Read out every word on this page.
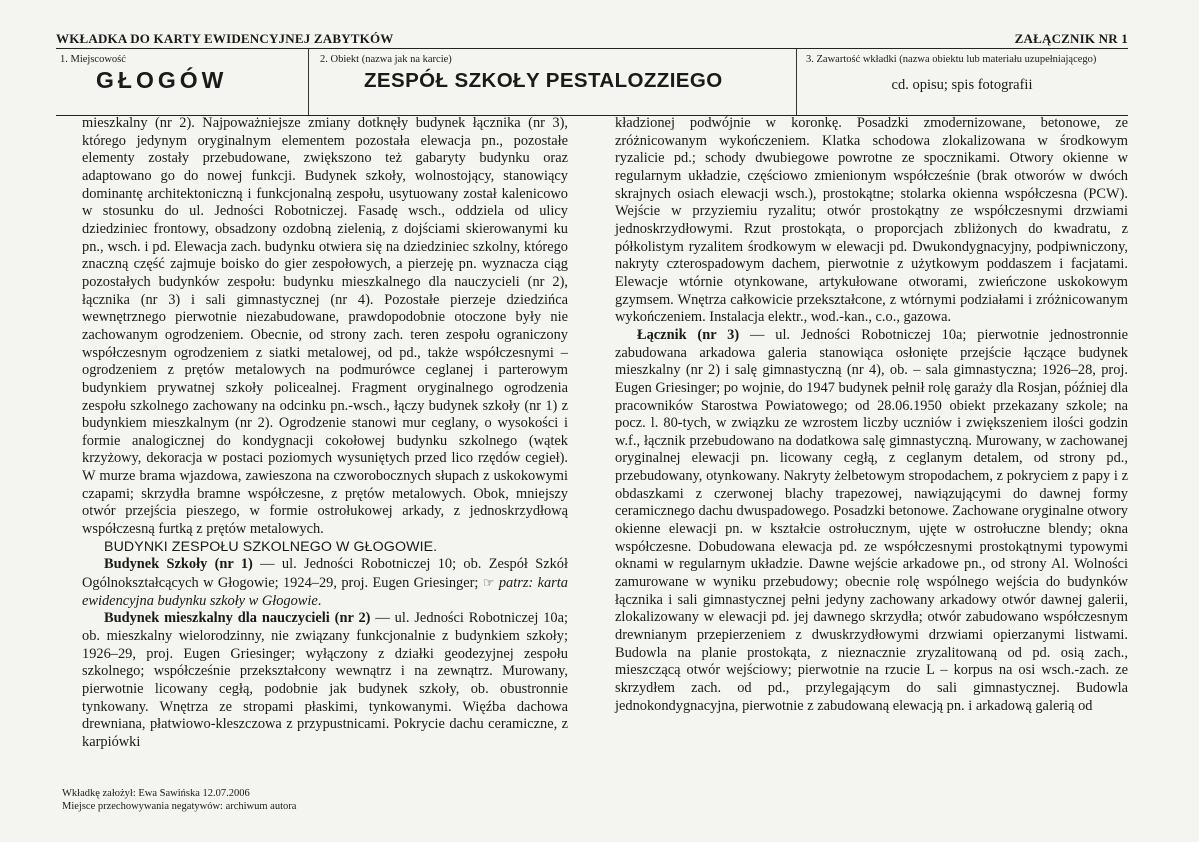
WKŁADKA DO KARTY EWIDENCYJNEJ ZABYTKÓW	ZAŁĄCZNIK NR 1
1. Miejscowość
GŁOGÓW
2. Obiekt (nazwa jak na karcie)
ZESPÓŁ SZKOŁY PESTALOZZIEGO
3. Zawartość wkładki (nazwa obiektu lub materiału uzupełniającego)
cd. opisu; spis fotografii

mieszkalny (nr 2). Najpoważniejsze zmiany dotknęły budynek łącznika (nr 3), którego jedynym oryginalnym elementem pozostała elewacja pn., pozostałe elementy zostały przebudowane, zwiększono też gabaryty budynku oraz adaptowano go do nowej funkcji. Budynek szkoły, wolnostojący, stanowiący dominantę architektoniczną i funkcjonalną zespołu, usytuowany został kalenicowo w stosunku do ul. Jedności Robotniczej. Fasadę wsch., oddziela od ulicy dziedziniec frontowy, obsadzony ozdobną zielenią, z dojściami skierowanymi ku pn., wsch. i pd. Elewacja zach. budynku otwiera się na dziedziniec szkolny, którego znaczną część zajmuje boisko do gier zespołowych, a pierzeję pn. wyznacza ciąg pozostałych budynków zespołu: budynku mieszkalnego dla nauczycieli (nr 2), łącznika (nr 3) i sali gimnastycznej (nr 4). Pozostałe pierzeje dziedzińca wewnętrznego pierwotnie niezabudowane, prawdopodobnie otoczone były nie zachowanym ogrodzeniem. Obecnie, od strony zach. teren zespołu ograniczony współczesnym ogrodzeniem z siatki metalowej, od pd., także współczesnymi – ogrodzeniem z prętów metalowych na podmurówce ceglanej i parterowym budynkiem prywatnej szkoły policealnej. Fragment oryginalnego ogrodzenia zespołu szkolnego zachowany na odcinku pn.-wsch., łączy budynek szkoły (nr 1) z budynkiem mieszkalnym (nr 2). Ogrodzenie stanowi mur ceglany, o wysokości i formie analogicznej do kondygnacji cokołowej budynku szkolnego (wątek krzyżowy, dekoracja w postaci poziomych wysuniętych przed lico rzędów cegieł). W murze brama wjazdowa, zawieszona na czworobocznych słupach z uskokowymi czapami; skrzydła bramne współczesne, z prętów metalowych. Obok, mniejszy otwór przejścia pieszego, w formie ostrołukowej arkady, z jednoskrzydłową współczesną furtką z prętów metalowych.

BUDYNKI ZESPOŁU SZKOLNEGO W GŁOGOWIE.

Budynek Szkoły (nr 1) — ul. Jedności Robotniczej 10; ob. Zespół Szkół Ogólnokształcących w Głogowie; 1924–29, proj. Eugen Griesinger; ☞ patrz: karta ewidencyjna budynku szkoły w Głogowie.

Budynek mieszkalny dla nauczycieli (nr 2) — ul. Jedności Robotniczej 10a; ob. mieszkalny wielorodzinny, nie związany funkcjonalnie z budynkiem szkoły; 1926–29, proj. Eugen Griesinger; wyłączony z działki geodezyjnej zespołu szkolnego; współcześnie przekształcony wewnątrz i na zewnątrz. Murowany, pierwotnie licowany cegłą, podobnie jak budynek szkoły, ob. obustronnie tynkowany. Wnętrza ze stropami płaskimi, tynkowanymi. Więźba dachowa drewniana, płatwiowo-kleszczowa z przypustnicami. Pokrycie dachu ceramiczne, z karpiówki

kładzionej podwójnie w koronkę. Posadzki zmodernizowane, betonowe, ze zróżnicowanym wykończeniem. Klatka schodowa zlokalizowana w środkowym ryzalicie pd.; schody dwubiegowe powrotne ze spocznikami. Otwory okienne w regularnym układzie, częściowo zmienionym współcześnie (brak otworów w dwóch skrajnych osiach elewacji wsch.), prostokątne; stolarka okienna współczesna (PCW). Wejście w przyziemiu ryzalitu; otwór prostokątny ze współczesnymi drzwiami jednoskrzydłowymi. Rzut prostokąta, o proporcjach zbliżonych do kwadratu, z półkolistym ryzalitem środkowym w elewacji pd. Dwukondygnacyjny, podpiwniczony, nakryty czterospadowym dachem, pierwotnie z użytkowym poddaszem i facjatami. Elewacje wtórnie otynkowane, artykułowane otworami, zwieńczone uskokowym gzymsem. Wnętrza całkowicie przekształcone, z wtórnymi podziałami i zróżnicowanym wykończeniem. Instalacja elektr., wod.-kan., c.o., gazowa.

Łącznik (nr 3) — ul. Jedności Robotniczej 10a; pierwotnie jednostronnie zabudowana arkadowa galeria stanowiąca osłonięte przejście łączące budynek mieszkalny (nr 2) i salę gimnastyczną (nr 4), ob. – sala gimnastyczna; 1926–28, proj. Eugen Griesinger; po wojnie, do 1947 budynek pełnił rolę garaży dla Rosjan, później dla pracowników Starostwa Powiatowego; od 28.06.1950 obiekt przekazany szkole; na pocz. l. 80-tych, w związku ze wzrostem liczby uczniów i zwiększeniem ilości godzin w.f., łącznik przebudowano na dodatkowa salę gimnastyczną. Murowany, w zachowanej oryginalnej elewacji pn. licowany cegłą, z ceglanym detalem, od strony pd., przebudowany, otynkowany. Nakryty żelbetowym stropodachem, z pokryciem z papy i z obdaszkami z czerwonej blachy trapezowej, nawiązującymi do dawnej formy ceramicznego dachu dwuspadowego. Posadzki betonowe. Zachowane oryginalne otwory okienne elewacji pn. w kształcie ostrołucznym, ujęte w ostrołuczne blendy; okna współczesne. Dobudowana elewacja pd. ze współczesnymi prostokątnymi typowymi oknami w regularnym układzie. Dawne wejście arkadowe pn., od strony Al. Wolności zamurowane w wyniku przebudowy; obecnie rolę wspólnego wejścia do budynków łącznika i sali gimnastycznej pełni jedyny zachowany arkadowy otwór dawnej galerii, zlokalizowany w elewacji pd. jej dawnego skrzydła; otwór zabudowano współczesnym drewnianym przepierzeniem z dwuskrzydłowymi drzwiami opierzanymi listwami. Budowla na planie prostokąta, z nieznacznie zryzalitowaną od pd. osią zach., mieszczącą otwór wejściowy; pierwotnie na rzucie L – korpus na osi wsch.-zach. ze skrzydłem zach. od pd., przylegającym do sali gimnastycznej. Budowla jednokondygnacyjna, pierwotnie z zabudowaną elewacją pn. i arkadową galerią od

Wkładkę założył: Ewa Sawińska 12.07.2006
Miejsce przechowywania negatywów: archiwum autora
